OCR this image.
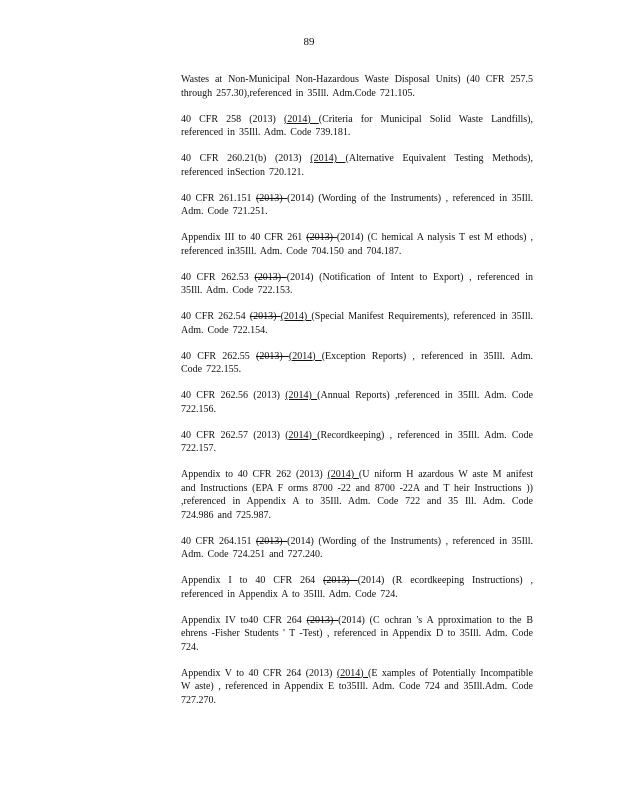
89

Wastes at Non-Municipal Non-Hazardous Waste Disposal Units) (40 CFR 257.5 through 257.30),referenced in 35Ill. Adm.Code 721.105.

40 CFR 258 (2013) (2014) (Criteria for Municipal Solid Waste Landfills), referenced in 35Ill. Adm. Code 739.181.

40 CFR 260.21(b) (2013) (2014) (Alternative Equivalent Testing Methods), referenced inSection 720.121.

40 CFR 261.151 (2013) (2014) (Wording of the Instruments) , referenced in 35Ill. Adm. Code 721.251.

Appendix III to 40 CFR 261 (2013) (2014) (C hemical A nalysis T est M ethods) , referenced in35Ill. Adm. Code 704.150 and 704.187.

40 CFR 262.53 (2013) (2014) (Notification of Intent to Export) , referenced in 35Ill. Adm. Code 722.153.

40 CFR 262.54 (2013) (2014) (Special Manifest Requirements), referenced in 35Ill. Adm. Code 722.154.

40 CFR 262.55 (2013) (2014) (Exception Reports) , referenced in 35Ill. Adm. Code 722.155.

40 CFR 262.56 (2013) (2014) (Annual Reports) ,referenced in 35Ill. Adm. Code 722.156.

40 CFR 262.57 (2013) (2014) (Recordkeeping) , referenced in 35Ill. Adm. Code 722.157.

Appendix to 40 CFR 262 (2013) (2014) (U niform H azardous W aste M anifest and Instructions (EPA F orms 8700 -22 and 8700 -22A and T heir Instructions )) ,referenced in Appendix A to 35Ill. Adm. Code 722 and 35 Ill. Adm. Code 724.986 and 725.987.

40 CFR 264.151 (2013) (2014) (Wording of the Instruments) , referenced in 35Ill. Adm. Code 724.251 and 727.240.

Appendix I to 40 CFR 264 (2013) (2014) (R ecordkeeping Instructions) , referenced in Appendix A to 35Ill. Adm. Code 724.

Appendix IV to40 CFR 264 (2013) (2014) (C ochran 's A pproximation to the B ehrens -Fisher Students ' T -Test) , referenced in Appendix D to 35Ill. Adm. Code 724.

Appendix V to 40 CFR 264 (2013) (2014) (E xamples of Potentially Incompatible W aste) , referenced in Appendix E to35Ill. Adm. Code 724 and 35Ill.Adm. Code 727.270.
